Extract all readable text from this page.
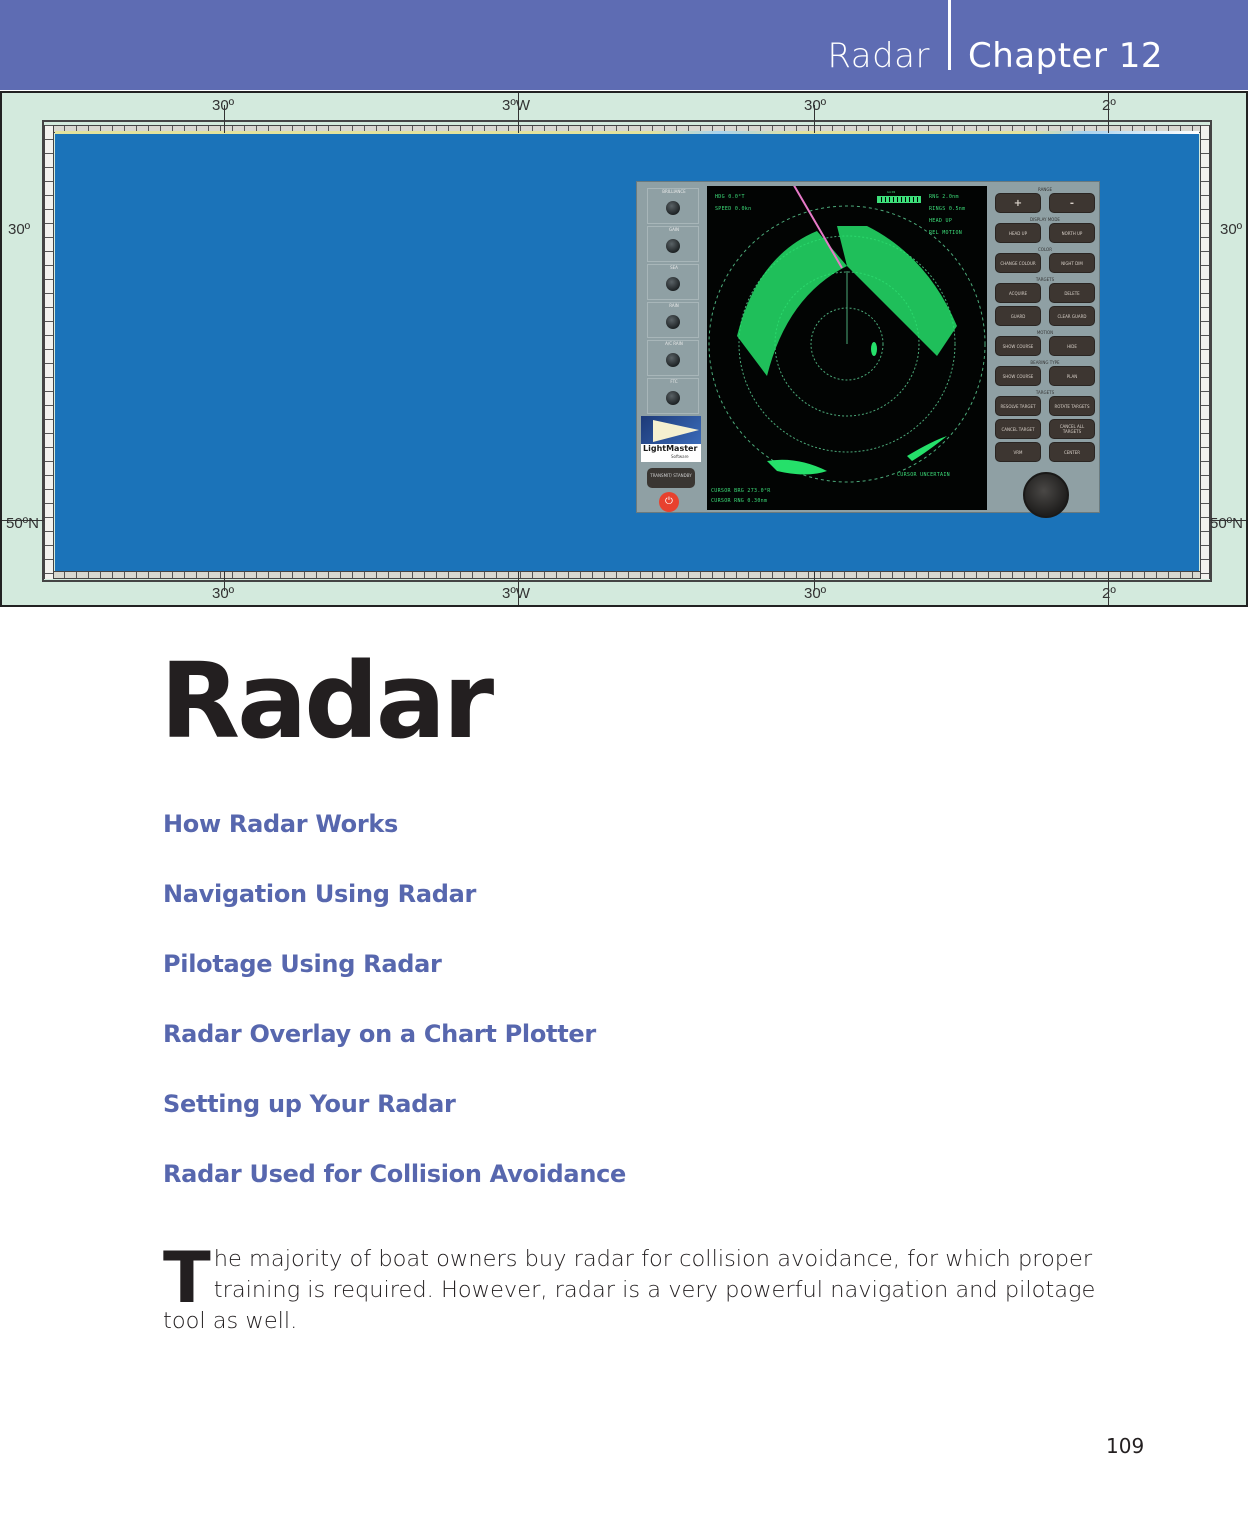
Radar Chapter 12
30º	3ºW	30º	2º
30º	3ºW	30º	2º
30º
50ºN
30º
50ºN
BRILLIANCE
GAIN
SEA
RAIN
A/C RAIN
FTC
LightMaster
Software
TRANSMIT/ STANDBY
⏻
HDG 0.0°T
SPEED 0.0kn
GAIN
RNG 2.0nm
RINGS 0.5nm
HEAD UP
REL MOTION
CURSOR BRG 273.0°R
CURSOR RNG 0.30nm
CURSOR UNCERTAIN
RANGE
+	-
DISPLAY MODE
HEAD UP	NORTH UP
COLOR
CHANGE COLOUR	NIGHT DIM
TARGETS
ACQUIRE	DELETE
GUARD	CLEAR GUARD
MOTION
SHOW COURSE	HIDE
BEARING TYPE
SHOW COURSE	PLAN
TARGETS
RESOLVE TARGET	ROTATE TARGETS
CANCEL TARGET	CANCEL ALL TARGETS
VRM	CENTER
Radar
How Radar Works
Navigation Using Radar
Pilotage Using Radar
Radar Overlay on a Chart Plotter
Setting up Your Radar
Radar Used for Collision Avoidance

The majority of boat owners buy radar for collision avoidance, for which proper training is required. However, radar is a very powerful navigation and pilotage tool as well.

109
